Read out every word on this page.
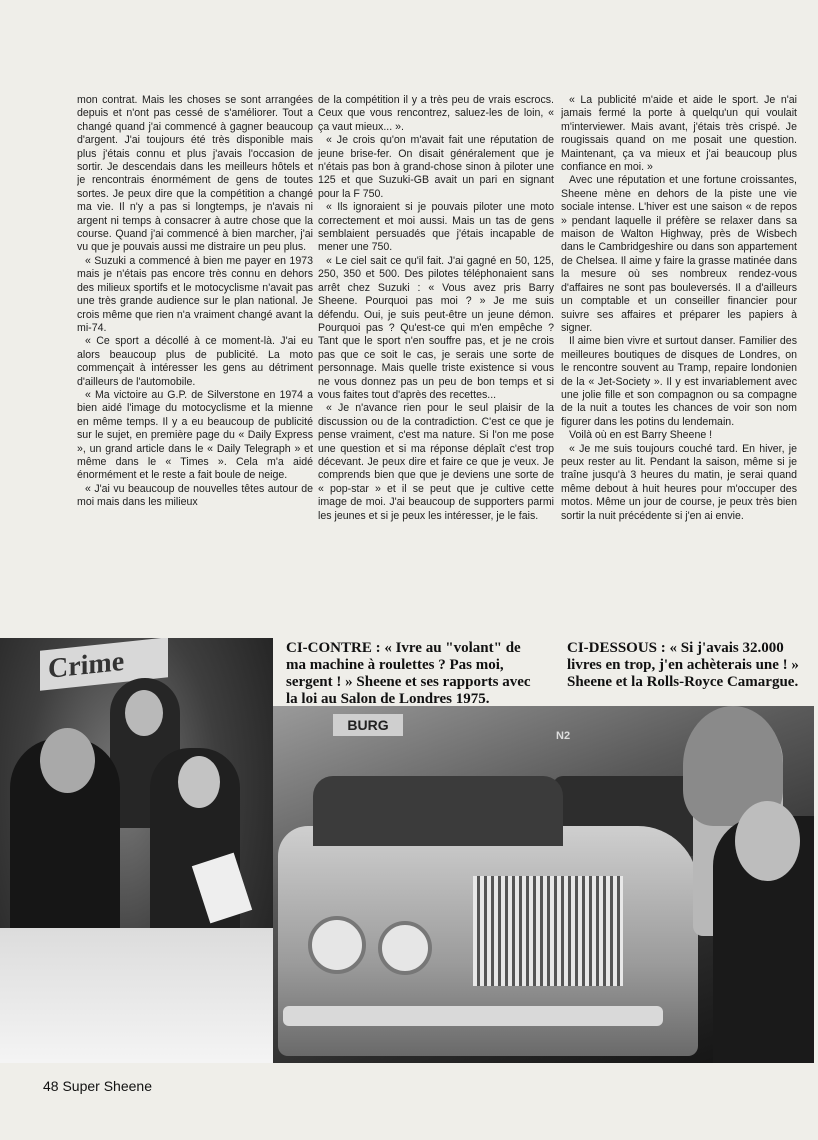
mon contrat. Mais les choses se sont arrangées depuis et n'ont pas cessé de s'améliorer. Tout a changé quand j'ai commencé à gagner beaucoup d'argent. J'ai toujours été très disponible mais plus j'étais connu et plus j'avais l'occasion de sortir. Je descendais dans les meilleurs hôtels et je rencontrais énormément de gens de toutes sortes. Je peux dire que la compétition a changé ma vie. Il n'y a pas si longtemps, je n'avais ni argent ni temps à consacrer à autre chose que la course. Quand j'ai commencé à bien marcher, j'ai vu que je pouvais aussi me distraire un peu plus.

« Suzuki a commencé à bien me payer en 1973 mais je n'étais pas encore très connu en dehors des milieux sportifs et le motocyclisme n'avait pas une très grande audience sur le plan national. Je crois même que rien n'a vraiment changé avant la mi-74.

« Ce sport a décollé à ce moment-là. J'ai eu alors beaucoup plus de publicité. La moto commençait à intéresser les gens au détriment d'ailleurs de l'automobile.

« Ma victoire au G.P. de Silverstone en 1974 a bien aidé l'image du motocyclisme et la mienne en même temps. Il y a eu beaucoup de publicité sur le sujet, en première page du « Daily Express », un grand article dans le « Daily Telegraph » et même dans le « Times ». Cela m'a aidé énormément et le reste a fait boule de neige.

« J'ai vu beaucoup de nouvelles têtes autour de moi mais dans les milieux

de la compétition il y a très peu de vrais escrocs. Ceux que vous rencontrez, saluez-les de loin, « ça vaut mieux... ».

« Je crois qu'on m'avait fait une réputation de jeune brise-fer. On disait généralement que je n'étais pas bon à grand-chose sinon à piloter une 125 et que Suzuki-GB avait un pari en signant pour la F 750.

« Ils ignoraient si je pouvais piloter une moto correctement et moi aussi. Mais un tas de gens semblaient persuadés que j'étais incapable de mener une 750.

« Le ciel sait ce qu'il fait. J'ai gagné en 50, 125, 250, 350 et 500. Des pilotes téléphonaient sans arrêt chez Suzuki : « Vous avez pris Barry Sheene. Pourquoi pas moi ? » Je me suis défendu. Oui, je suis peut-être un jeune démon. Pourquoi pas ? Qu'est-ce qui m'en empêche ? Tant que le sport n'en souffre pas, et je ne crois pas que ce soit le cas, je serais une sorte de personnage. Mais quelle triste existence si vous ne vous donnez pas un peu de bon temps et si vous faites tout d'après des recettes...

« Je n'avance rien pour le seul plaisir de la discussion ou de la contradiction. C'est ce que je pense vraiment, c'est ma nature. Si l'on me pose une question et si ma réponse déplaît c'est trop décevant. Je peux dire et faire ce que je veux. Je comprends bien que que je deviens une sorte de « pop-star » et il se peut que je cultive cette image de moi. J'ai beaucoup de supporters parmi les jeunes et si je peux les intéresser, je le fais.

« La publicité m'aide et aide le sport. Je n'ai jamais fermé la porte à quelqu'un qui voulait m'interviewer. Mais avant, j'étais très crispé. Je rougissais quand on me posait une question. Maintenant, ça va mieux et j'ai beaucoup plus confiance en moi. »

Avec une réputation et une fortune croissantes, Sheene mène en dehors de la piste une vie sociale intense. L'hiver est une saison « de repos » pendant laquelle il préfère se relaxer dans sa maison de Walton Highway, près de Wisbech dans le Cambridgeshire ou dans son appartement de Chelsea. Il aime y faire la grasse matinée dans la mesure où ses nombreux rendez-vous d'affaires ne sont pas bouleversés. Il a d'ailleurs un comptable et un conseiller financier pour suivre ses affaires et préparer les papiers à signer.

Il aime bien vivre et surtout danser. Familier des meilleures boutiques de disques de Londres, on le rencontre souvent au Tramp, repaire londonien de la « Jet-Society ». Il y est invariablement avec une jolie fille et son compagnon ou sa compagne de la nuit a toutes les chances de voir son nom figurer dans les potins du lendemain.

Voilà où en est Barry Sheene !

« Je me suis toujours couché tard. En hiver, je peux rester au lit. Pendant la saison, même si je traîne jusqu'à 3 heures du matin, je serai quand même debout à huit heures pour m'occuper des motos. Même un jour de course, je peux très bien sortir la nuit précédente si j'en ai envie.

Crime
BURG
N2
CI-CONTRE : « Ivre au "volant" de ma machine à roulettes ? Pas moi, sergent ! » Sheene et ses rapports avec la loi au Salon de Londres 1975.
CI-DESSOUS : « Si j'avais 32.000 livres en trop, j'en achèterais une ! » Sheene et la Rolls-Royce Camargue.
48 Super Sheene
